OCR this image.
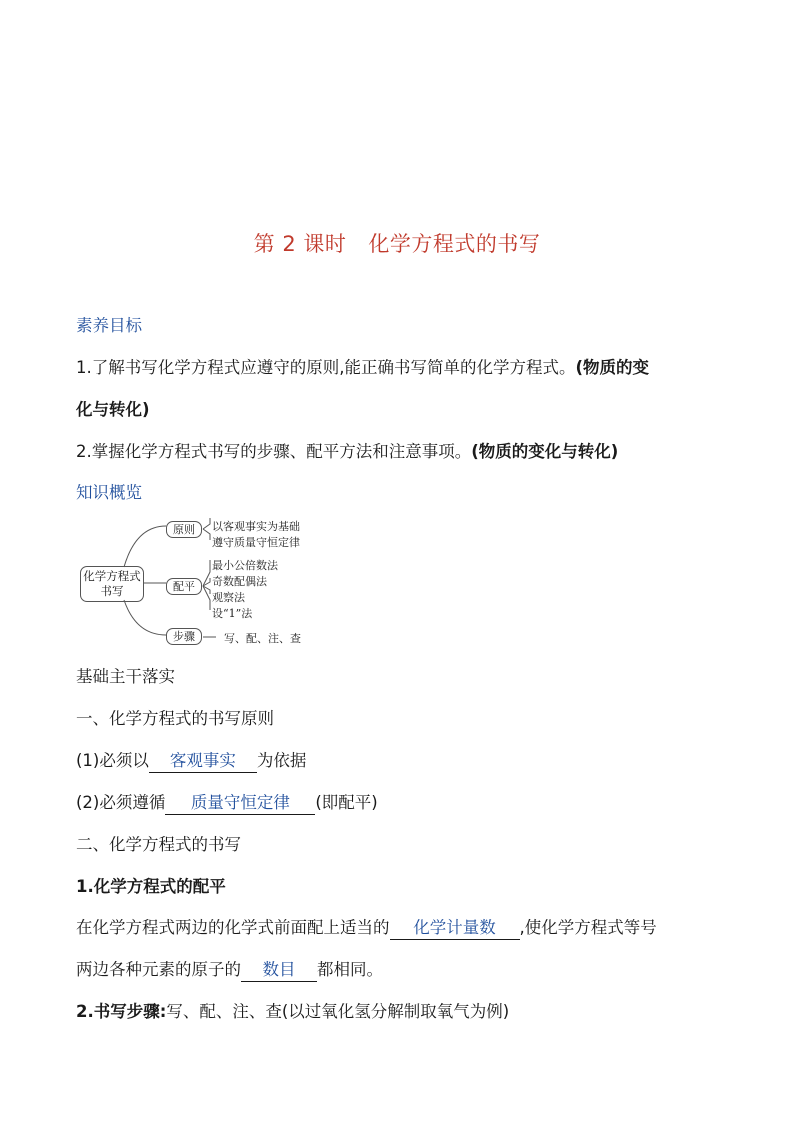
第 2 课时 化学方程式的书写
素养目标
1.了解书写化学方程式应遵守的原则,能正确书写简单的化学方程式。(物质的变
化与转化)
2.掌握化学方程式书写的步骤、配平方法和注意事项。(物质的变化与转化)
知识概览
化学方程式
书写
原则	以客观事实为基础
遵守质量守恒定律
配平
最小公倍数法
奇数配偶法
观察法
设“1”法
步骤	写、配、注、查
基础主干落实
一、化学方程式的书写原则
(1)必须以 客观事实 为依据
(2)必须遵循 质量守恒定律 (即配平)
二、化学方程式的书写
1.化学方程式的配平
在化学方程式两边的化学式前面配上适当的 化学计量数 ,使化学方程式等号
两边各种元素的原子的 数目 都相同。
2.书写步骤:写、配、注、查(以过氧化氢分解制取氧气为例)
